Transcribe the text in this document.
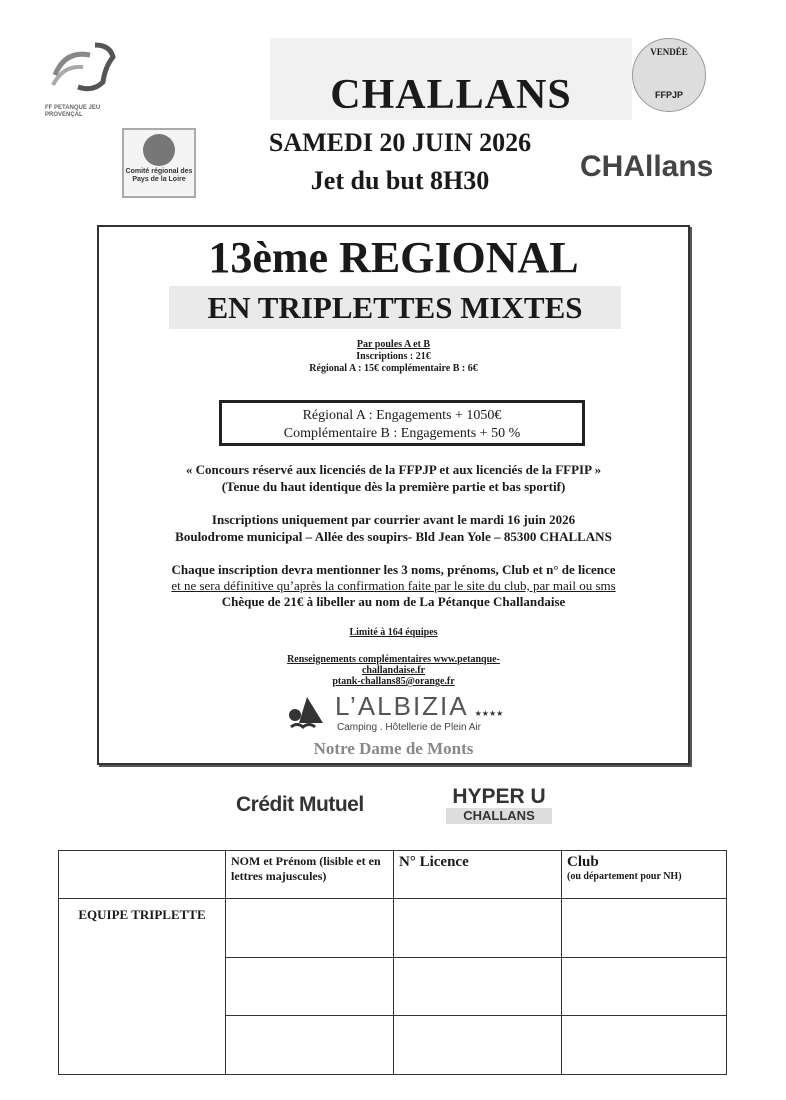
FF PETANQUE JEU PROVENÇAL
Comité régional des Pays de la Loire
VENDÉE
FFPJP
CHAllans
CHALLANS
SAMEDI 20 JUIN 2026
Jet du but 8H30
13ème REGIONAL
EN TRIPLETTES MIXTES
Par poules A et B
Inscriptions : 21€
Régional A : 15€ complémentaire B : 6€
Régional A : Engagements + 1050€
Complémentaire B : Engagements + 50 %
« Concours réservé aux licenciés de la FFPJP et aux licenciés de la FFPIP »
(Tenue du haut identique dès la première partie et bas sportif)
Inscriptions uniquement par courrier avant le mardi 16 juin 2026
Boulodrome municipal – Allée des soupirs- Bld Jean Yole – 85300 CHALLANS
Chaque inscription devra mentionner les 3 noms, prénoms, Club et n° de licence
et ne sera définitive qu’après la confirmation faite par le site du club, par mail ou sms
Chèque de 21€ à libeller au nom de La Pétanque Challandaise
Limité à 164 équipes
Renseignements complémentaires www.petanque-
challandaise.fr
ptank-challans85@orange.fr
L’ALBIZIA ★★★★
Camping . Hôtellerie de Plein Air
Notre Dame de Monts
Crédit Mutuel	HYPER U
CHALLANS
	NOM et Prénom (lisible et en lettres majuscules)	N° Licence	Club
(ou département pour NH)

EQUIPE TRIPLETTE			
